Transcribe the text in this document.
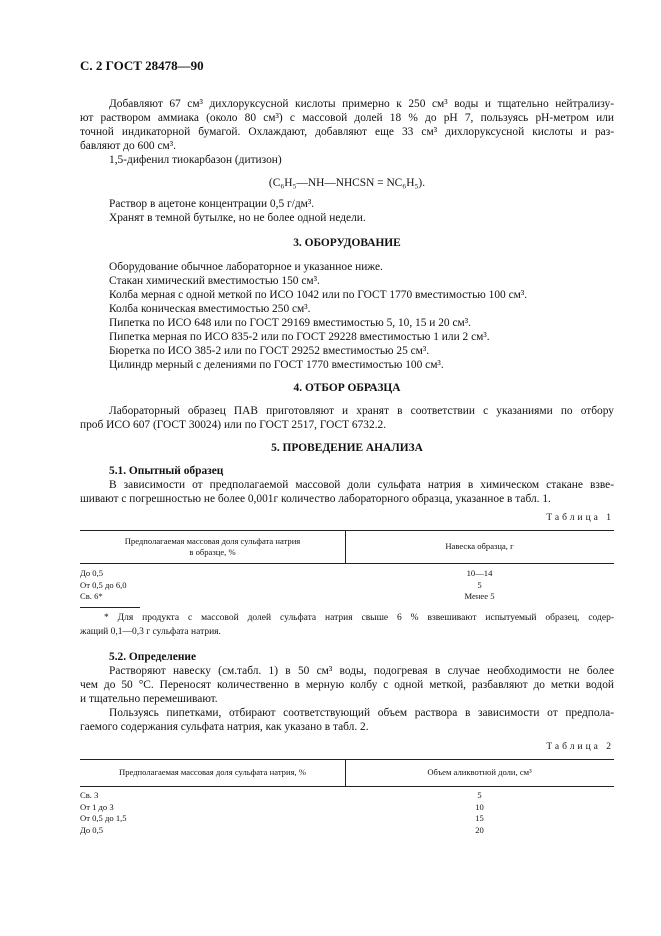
С. 2 ГОСТ 28478—90
Добавляют 67 см³ дихлоруксусной кислоты примерно к 250 см³ воды и тщательно нейтрализу-
ют раствором аммиака (около 80 см³) с массовой долей 18 % до pH 7, пользуясь pH-метром или
точной индикаторной бумагой. Охлаждают, добавляют еще 33 см³ дихлоруксусной кислоты и раз-
бавляют до 600 см³.
1,5-дифенил тиокарбазон (дитизон)
(C₆H₅—NH—NHCSN = NC₆H₅).
Раствор в ацетоне концентрации 0,5 г/дм³.
Хранят в темной бутылке, но не более одной недели.
3. ОБОРУДОВАНИЕ
Оборудование обычное лабораторное и указанное ниже.
Стакан химический вместимостью 150 см³.
Колба мерная с одной меткой по ИСО 1042 или по ГОСТ 1770 вместимостью 100 см³.
Колба коническая вместимостью 250 см³.
Пипетка по ИСО 648 или по ГОСТ 29169 вместимостью 5, 10, 15 и 20 см³.
Пипетка мерная по ИСО 835-2 или по ГОСТ 29228 вместимостью 1 или 2 см³.
Бюретка по ИСО 385-2 или по ГОСТ 29252 вместимостью 25 см³.
Цилиндр мерный с делениями по ГОСТ 1770 вместимостью 100 см³.
4. ОТБОР ОБРАЗЦА
Лабораторный образец ПАВ приготовляют и хранят в соответствии с указаниями по отбору
проб ИСО 607 (ГОСТ 30024) или по ГОСТ 2517, ГОСТ 6732.2.
5. ПРОВЕДЕНИЕ АНАЛИЗА
5.1. Опытный образец
В зависимости от предполагаемой массовой доли сульфата натрия в химическом стакане взве-
шивают с погрешностью не более 0,001г количество лабораторного образца, указанное в табл. 1.
Таблица 1
Предполагаемая массовая доля сульфата натрия
в образце, %
Навеска образца, г
До 0,5	10—14
От 0,5 до 6,0	5
Св. 6*	Менее 5
* Для продукта с массовой долей сульфата натрия свыше 6 % взвешивают испытуемый образец, содер-
жащий 0,1—0,3 г сульфата натрия.
5.2. Определение
Растворяют навеску (см.табл. 1) в 50 см³ воды, подогревая в случае необходимости не более
чем до 50 °С. Переносят количественно в мерную колбу с одной меткой, разбавляют до метки водой
и тщательно перемешивают.
Пользуясь пипетками, отбирают соответствующий объем раствора в зависимости от предпола-
гаемого содержания сульфата натрия, как указано в табл. 2.
Таблица 2
Предполагаемая массовая доля сульфата натрия, %	Объем аликвотной доли, см³
Св. 3	5
От 1 до 3	10
От 0,5 до 1,5	15
До 0,5	20
